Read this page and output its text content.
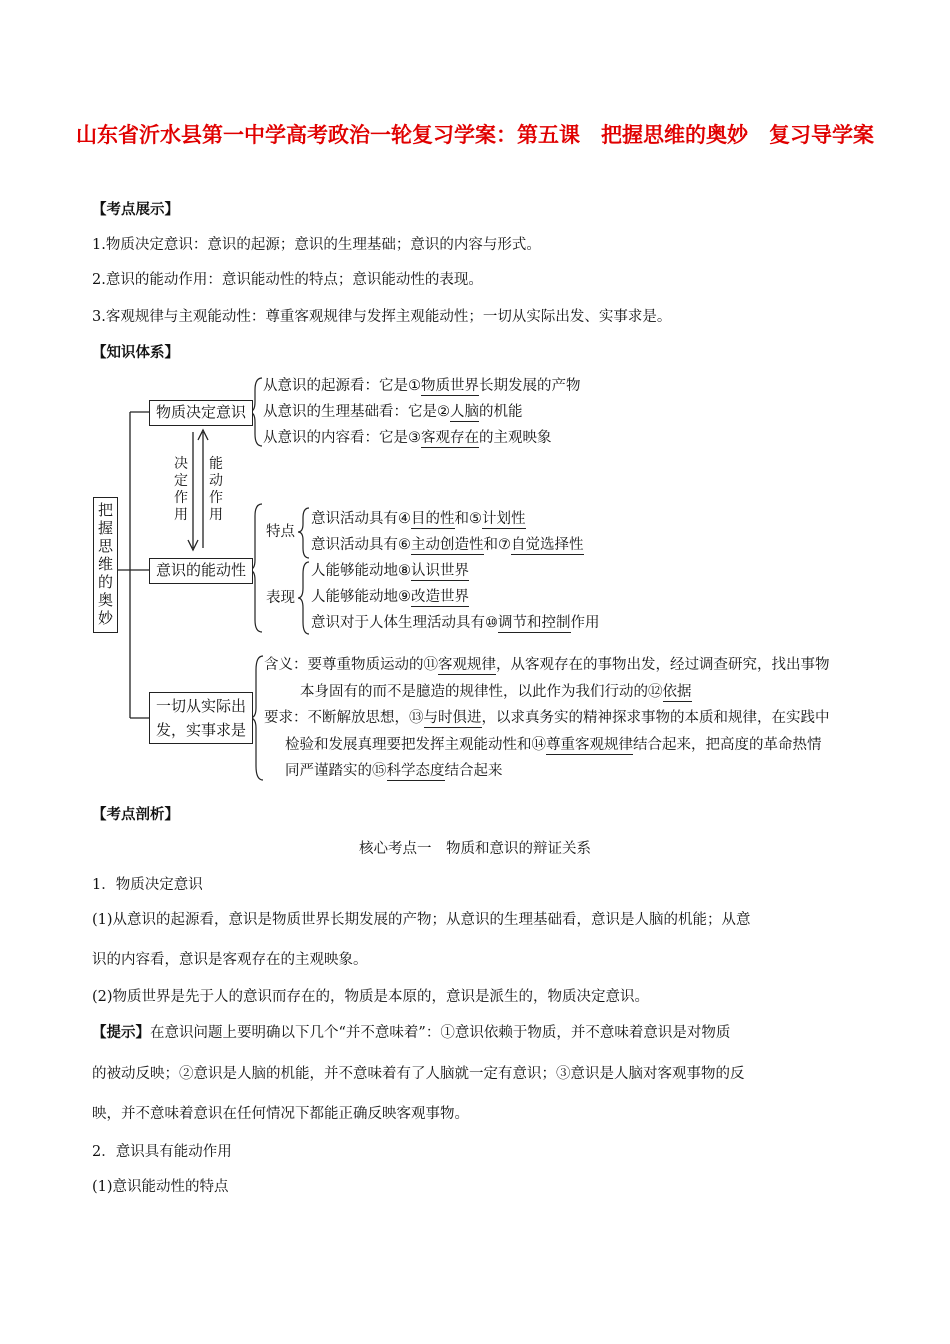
山东省沂水县第一中学高考政治一轮复习学案：第五课　把握思维的奥妙　复习导学案
【考点展示】
1.物质决定意识：意识的起源；意识的生理基础；意识的内容与形式。
2.意识的能动作用：意识能动性的特点；意识能动性的表现。
3.客观规律与主观能动性：尊重客观规律与发挥主观能动性；一切从实际出发、实事求是。
【知识体系】
把握思维的奥妙
物质决定意识
从意识的起源看：它是①物质世界长期发展的产物
从意识的生理基础看：它是②人脑的机能
从意识的内容看：它是③客观存在的主观映象
决定作用
能动作用
意识的能动性
特点
意识活动具有④目的性和⑤计划性
意识活动具有⑥主动创造性和⑦自觉选择性
表现
人能够能动地⑧认识世界
人能够能动地⑨改造世界
意识对于人体生理活动具有⑩调节和控制作用
一切从实际出
发，实事求是
含义：要尊重物质运动的⑪客观规律，从客观存在的事物出发，经过调查研究，找出事物
本身固有的而不是臆造的规律性，以此作为我们行动的⑫依据
要求：不断解放思想，⑬与时俱进，以求真务实的精神探求事物的本质和规律，在实践中
检验和发展真理要把发挥主观能动性和⑭尊重客观规律结合起来，把高度的革命热情
同严谨踏实的⑮科学态度结合起来
【考点剖析】
核心考点一　物质和意识的辩证关系
1．物质决定意识
(1)从意识的起源看，意识是物质世界长期发展的产物；从意识的生理基础看，意识是人脑的机能；从意
识的内容看，意识是客观存在的主观映象。
(2)物质世界是先于人的意识而存在的，物质是本原的，意识是派生的，物质决定意识。
【提示】在意识问题上要明确以下几个“并不意味着”：①意识依赖于物质，并不意味着意识是对物质
的被动反映；②意识是人脑的机能，并不意味着有了人脑就一定有意识；③意识是人脑对客观事物的反
映，并不意味着意识在任何情况下都能正确反映客观事物。
2．意识具有能动作用
(1)意识能动性的特点
